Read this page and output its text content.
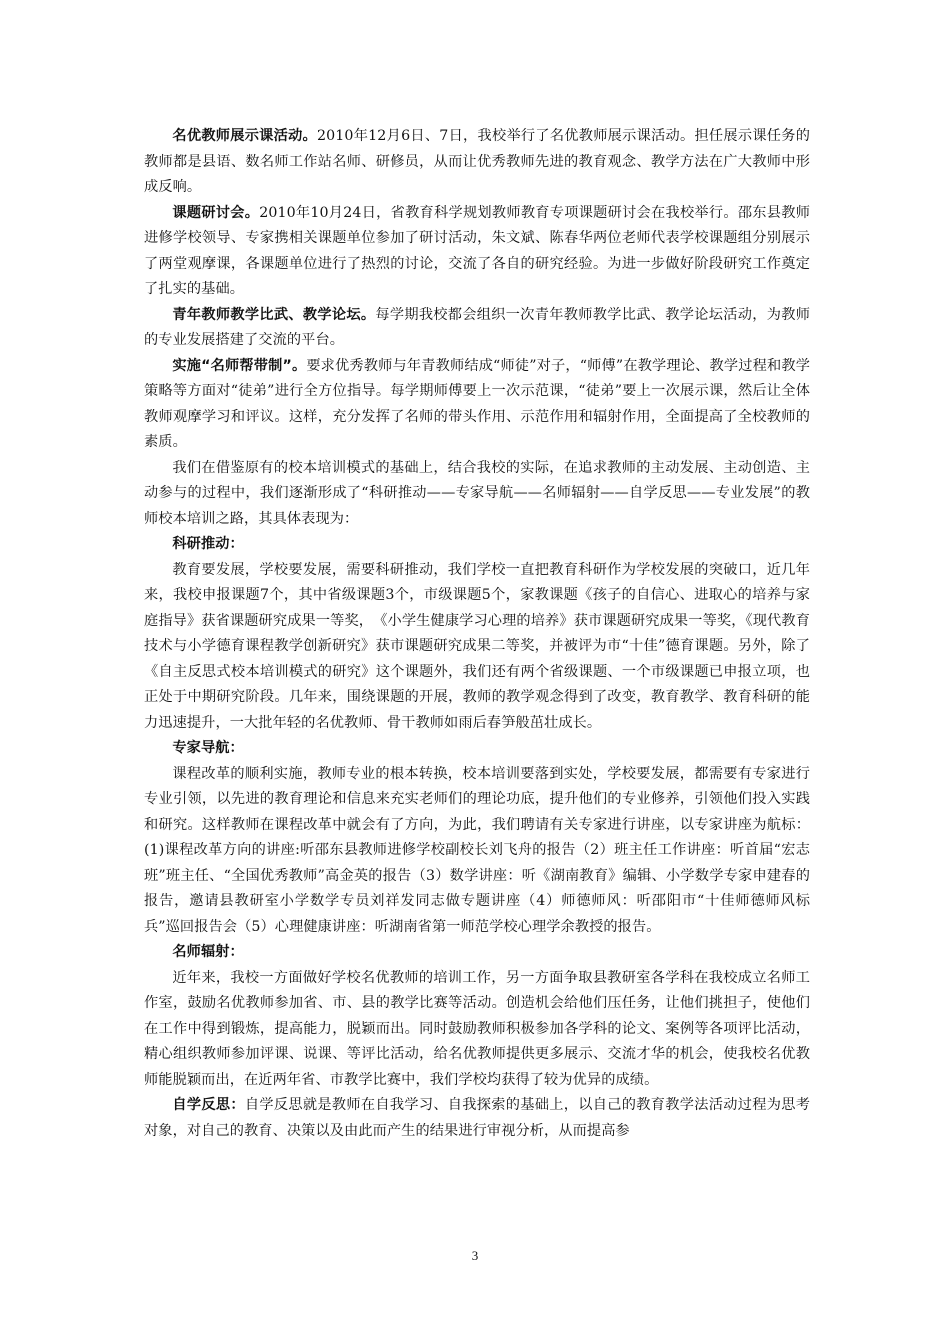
名优教师展示课活动。2010年12月6日、7日，我校举行了名优教师展示课活动。担任展示课任务的教师都是县语、数名师工作站名师、研修员，从而让优秀教师先进的教育观念、教学方法在广大教师中形成反响。

课题研讨会。2010年10月24日，省教育科学规划教师教育专项课题研讨会在我校举行。邵东县教师进修学校领导、专家携相关课题单位参加了研讨活动，朱文斌、陈春华两位老师代表学校课题组分别展示了两堂观摩课，各课题单位进行了热烈的讨论，交流了各自的研究经验。为进一步做好阶段研究工作奠定了扎实的基础。

青年教师教学比武、教学论坛。每学期我校都会组织一次青年教师教学比武、教学论坛活动，为教师的专业发展搭建了交流的平台。

实施“名师帮带制”。要求优秀教师与年青教师结成“师徒”对子，“师傅”在教学理论、教学过程和教学策略等方面对“徒弟”进行全方位指导。每学期师傅要上一次示范课，“徒弟”要上一次展示课，然后让全体教师观摩学习和评议。这样，充分发挥了名师的带头作用、示范作用和辐射作用，全面提高了全校教师的素质。

我们在借鉴原有的校本培训模式的基础上，结合我校的实际，在追求教师的主动发展、主动创造、主动参与的过程中，我们逐渐形成了“科研推动——专家导航——名师辐射——自学反思——专业发展”的教师校本培训之路，其具体表现为：

科研推动：

教育要发展，学校要发展，需要科研推动，我们学校一直把教育科研作为学校发展的突破口，近几年来，我校申报课题7个，其中省级课题3个，市级课题5个，家教课题《孩子的自信心、进取心的培养与家庭指导》获省课题研究成果一等奖，　《小学生健康学习心理的培养》获市课题研究成果一等奖，《现代教育技术与小学德育课程教学创新研究》获市课题研究成果二等奖，并被评为市“十佳”德育课题。另外，除了《自主反思式校本培训模式的研究》这个课题外，我们还有两个省级课题、一个市级课题已申报立项，也正处于中期研究阶段。几年来，围绕课题的开展，教师的教学观念得到了改变，教育教学、教育科研的能力迅速提升，一大批年轻的名优教师、骨干教师如雨后春笋般茁壮成长。

专家导航：

课程改革的顺利实施，教师专业的根本转换，校本培训要落到实处，学校要发展，都需要有专家进行专业引领，以先进的教育理论和信息来充实老师们的理论功底，提升他们的专业修养，引领他们投入实践和研究。这样教师在课程改革中就会有了方向，为此，我们聘请有关专家进行讲座，以专家讲座为航标：(1)课程改革方向的讲座:听邵东县教师进修学校副校长刘飞舟的报告（2）班主任工作讲座：听首届“宏志班”班主任、“全国优秀教师”高金英的报告（3）数学讲座：听《湖南教育》编辑、小学数学专家申建春的报告，邀请县教研室小学数学专员刘祥发同志做专题讲座（4）师德师风：听邵阳市“十佳师德师风标兵”巡回报告会（5）心理健康讲座：听湖南省第一师范学校心理学余教授的报告。

名师辐射：

近年来，我校一方面做好学校名优教师的培训工作，另一方面争取县教研室各学科在我校成立名师工作室，鼓励名优教师参加省、市、县的教学比赛等活动。创造机会给他们压任务，让他们挑担子，使他们在工作中得到锻炼，提高能力，脱颖而出。同时鼓励教师积极参加各学科的论文、案例等各项评比活动，精心组织教师参加评课、说课、等评比活动，给名优教师提供更多展示、交流才华的机会，使我校名优教师能脱颖而出，在近两年省、市教学比赛中，我们学校均获得了较为优异的成绩。

自学反思：自学反思就是教师在自我学习、自我探索的基础上，以自己的教育教学法活动过程为思考对象，对自己的教育、决策以及由此而产生的结果进行审视分析，从而提高参

3
